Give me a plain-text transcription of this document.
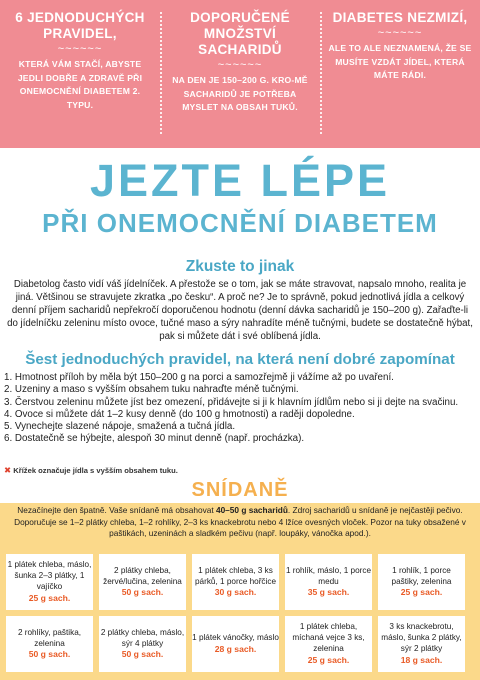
6 JEDNODUCHÝCH PRAVIDEL,
~~~~~~
KTERÁ VÁM STAČÍ, ABYSTE JEDLI DOBŘE A ZDRAVĚ PŘI ONEMOCNĚNÍ DIABETEM 2. TYPU.
DOPORUČENÉ MNOŽSTVÍ SACHARIDŮ
~~~~~~
NA DEN JE 150–200 G. KRO-MĚ SACHARIDŮ JE POTŘEBA MYSLET NA OBSAH TUKŮ.
DIABETES NEZMIZÍ,
~~~~~~
ALE TO ALE NEZNAMENÁ, ŽE SE MUSÍTE VZDÁT JÍDEL, KTERÁ MÁTE RÁDI.
JEZTE LÉPE
PŘI ONEMOCNĚNÍ DIABETEM
Zkuste to jinak
Diabetolog často vidí váš jídelníček. A přestože se o tom, jak se máte stravovat, napsalo mnoho, realita je jiná. Většinou se stravujete zkratka „po česku“. A proč ne? Je to správně, pokud jednotlivá jídla a celkový denní příjem sacharidů nepřekročí doporučenou hodnotu (denní dávka sacharidů je 150–200 g). Zařaďte-li do jídelníčku zeleninu místo ovoce, tučné maso a sýry nahradíte méně tučnými, budete se dostatečně hýbat, pak si můžete dát i své oblíbená jídla.
Šest jednoduchých pravidel, na která není dobré zapomínat
1. Hmotnost příloh by měla být 150–200 g na porci a samozřejmě ji vážíme až po uvaření.
2. Uzeniny a maso s vyšším obsahem tuku nahraďte méně tučnými.
3. Čerstvou zeleninu můžete jíst bez omezení, přidávejte si ji k hlavním jídlům nebo si ji dejte na svačinu.
4. Ovoce si můžete dát 1–2 kusy denně (do 100 g hmotnosti) a raději dopoledne.
5. Vynechejte slazené nápoje, smažená a tučná jídla.
6. Dostatečně se hýbejte, alespoň 30 minut denně (např. procházka).
✖ Křížek označuje jídla s vyšším obsahem tuku.
SNÍDANĚ
Nezačínejte den špatně. Vaše snídaně má obsahovat 40–50 g sacharidů. Zdroj sacharidů u snídaně je nejčastěji pečivo. Doporučuje se 1–2 plátky chleba, 1–2 rohlíky, 2–3 ks knackebrotu nebo 4 lžíce ovesných vloček. Pozor na tuky obsažené v paštikách, uzeninách a sladkém pečivu (např. loupáky, vánočka apod.).
1 plátek chleba, máslo, šunka 2–3 plátky, 1 vajíčko
25 g sach.
2 plátky chleba, žervé/lučina, zelenina
50 g sach.
1 plátek chleba, 3 ks párků, 1 porce hořčice
30 g sach.
1 rohlík, máslo, 1 porce medu
35 g sach.
1 rohlík, 1 porce paštiky, zelenina
25 g sach.
2 rohlíky, paštika, zelenina
50 g sach.
2 plátky chleba, máslo, sýr 4 plátky
50 g sach.
1 plátek vánočky, máslo
28 g sach.
1 plátek chleba, míchaná vejce 3 ks, zelenina
25 g sach.
3 ks knackebrotu, máslo, šunka 2 plátky, sýr 2 plátky
18 g sach.
